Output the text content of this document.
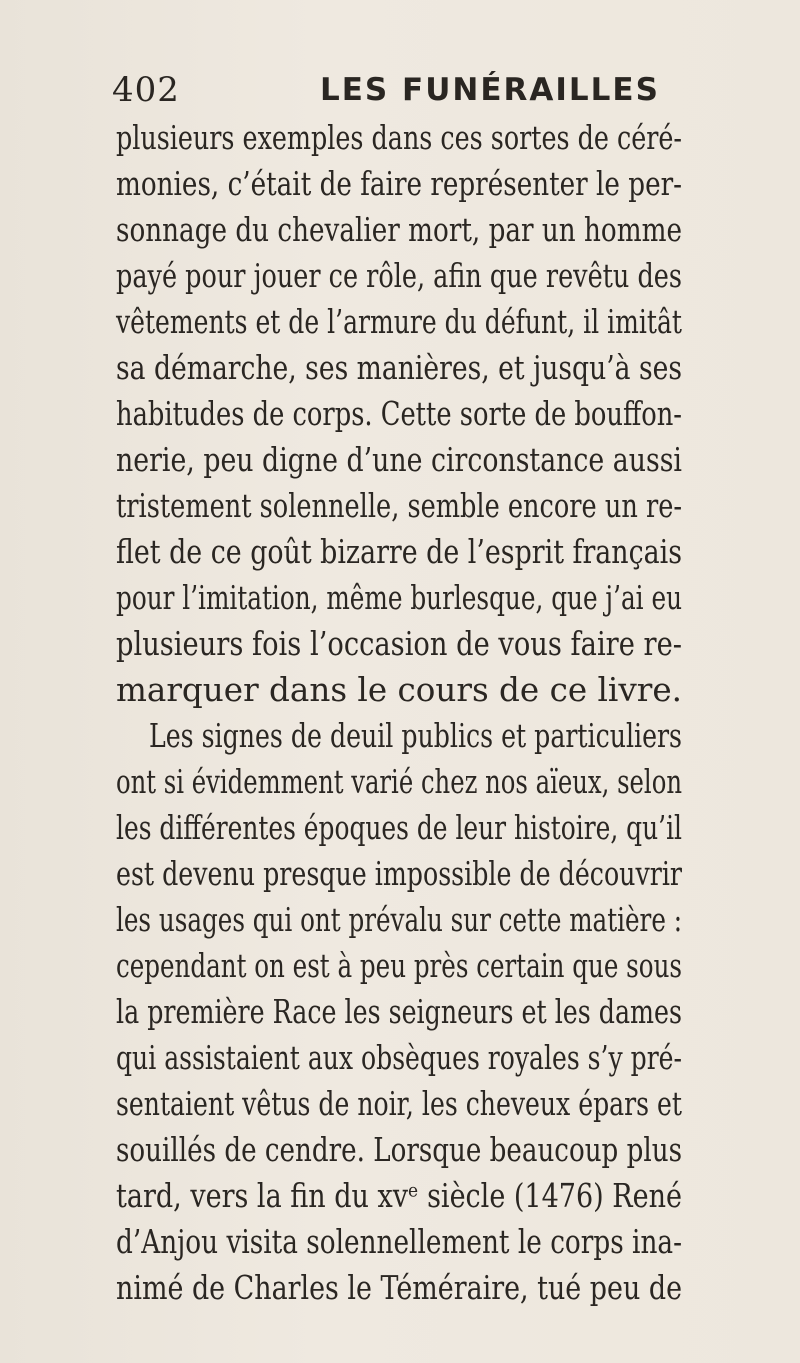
402	LES FUNÉRAILLES
plusieurs exemples dans ces sortes de céré-
monies, c’était de faire représenter le per-
sonnage du chevalier mort, par un homme
payé pour jouer ce rôle, afin que revêtu des
vêtements et de l’armure du défunt, il imitât
sa démarche, ses manières, et jusqu’à ses
habitudes de corps. Cette sorte de bouffon-
nerie, peu digne d’une circonstance aussi
tristement solennelle, semble encore un re-
flet de ce goût bizarre de l’esprit français
pour l’imitation, même burlesque, que j’ai eu
plusieurs fois l’occasion de vous faire re-
marquer dans le cours de ce livre.
Les signes de deuil publics et particuliers
ont si évidemment varié chez nos aïeux, selon
les différentes époques de leur histoire, qu’il
est devenu presque impossible de découvrir
les usages qui ont prévalu sur cette matière :
cependant on est à peu près certain que sous
la première Race les seigneurs et les dames
qui assistaient aux obsèques royales s’y pré-
sentaient vêtus de noir, les cheveux épars et
souillés de cendre. Lorsque beaucoup plus
tard, vers la fin du xvᵉ siècle (1476) René
d’Anjou visita solennellement le corps ina-
nimé de Charles le Téméraire, tué peu de
